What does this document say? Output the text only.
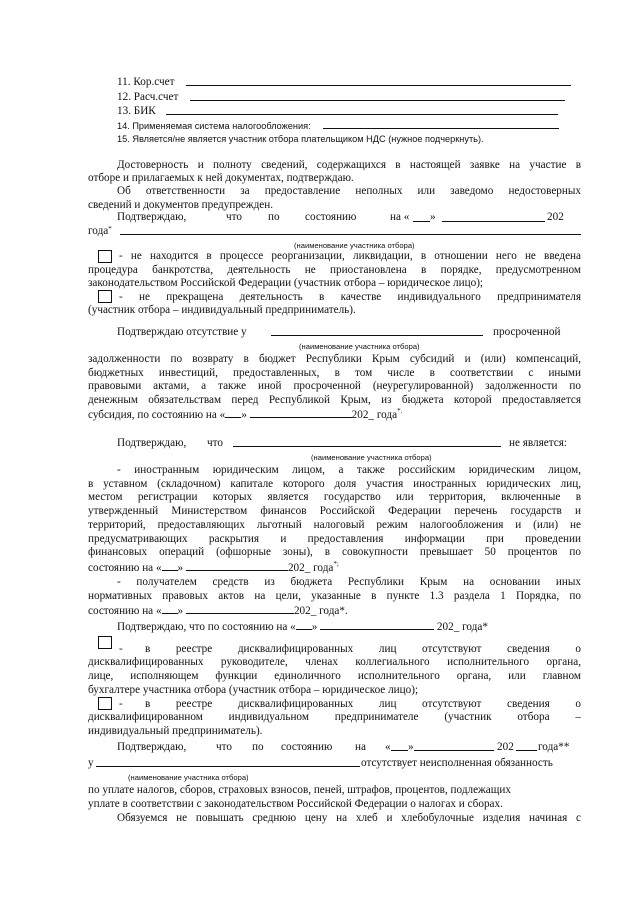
11. Кор.счет
12. Расч.счет
13. БИК
14. Применяемая система налогообложения:
15. Является/не является участник отбора плательщиком НДС (нужное подчеркнуть).
Достоверность и полноту сведений, содержащихся в настоящей заявке на участие в
отборе и прилагаемых к ней документах, подтверждаю.
Об ответственности за предоставление неполных или заведомо недостоверных
сведений и документов предупрежден.
Подтверждаю,	что по состоянию	на « »	202
года*
(наименование участника отбора)
- не находится в процессе реорганизации, ликвидации, в отношении него не введена
процедура банкротства, деятельность не приостановлена в порядке, предусмотренном
законодательством Российской Федерации (участник отбора – юридическое лицо);
- не прекращена деятельность в качестве индивидуального предпринимателя
(участник отбора – индивидуальный предприниматель).
Подтверждаю отсутствие у	просроченной
(наименование участника отбора)
задолженности по возврату в бюджет Республики Крым субсидий и (или) компенсаций,
бюджетных инвестиций, предоставленных, в том числе в соответствии с иными
правовыми актами, а также иной просроченной (неурегулированной) задолженности по
денежным обязательствам перед Республикой Крым, из бюджета которой предоставляется
субсидия, по состоянию на « »	202_ года*.
Подтверждаю, что	не является:
(наименование участника отбора)
- иностранным юридическим лицом, а также российским юридическим лицом,
в уставном (складочном) капитале которого доля участия иностранных юридических лиц,
местом регистрации которых является государство или территория, включенные в
утвержденный Министерством финансов Российской Федерации перечень государств и
территорий, предоставляющих льготный налоговый режим налогообложения и (или) не
предусматривающих раскрытия и предоставления информации при проведении
финансовых операций (офшорные зоны), в совокупности превышает 50 процентов по
состоянию на « »	202_ года*;
- получателем средств из бюджета Республики Крым на основании иных
нормативных правовых актов на цели, указанные в пункте 1.3 раздела 1 Порядка, по
состоянию на « »	202_ года*.
Подтверждаю, что по состоянию на « »	202_ года*
- в реестре дисквалифицированных лиц отсутствуют сведения о
дисквалифицированных руководителе, членах коллегиального исполнительного органа,
лице, исполняющем функции единоличного исполнительного органа, или главном
бухгалтере участника отбора (участник отбора – юридическое лицо);
- в реестре дисквалифицированных лиц отсутствуют сведения о
дисквалифицированном индивидуальном предпринимателе (участник отбора –
индивидуальный предприниматель).
Подтверждаю,	что по состоянию на « »	202 года**
у	отсутствует неисполненная обязанность
(наименование участника отбора)
по уплате налогов, сборов, страховых взносов, пеней, штрафов, процентов, подлежащих
уплате в соответствии с законодательством Российской Федерации о налогах и сборах.
Обязуемся не повышать среднюю цену на хлеб и хлебобулочные изделия начиная с
